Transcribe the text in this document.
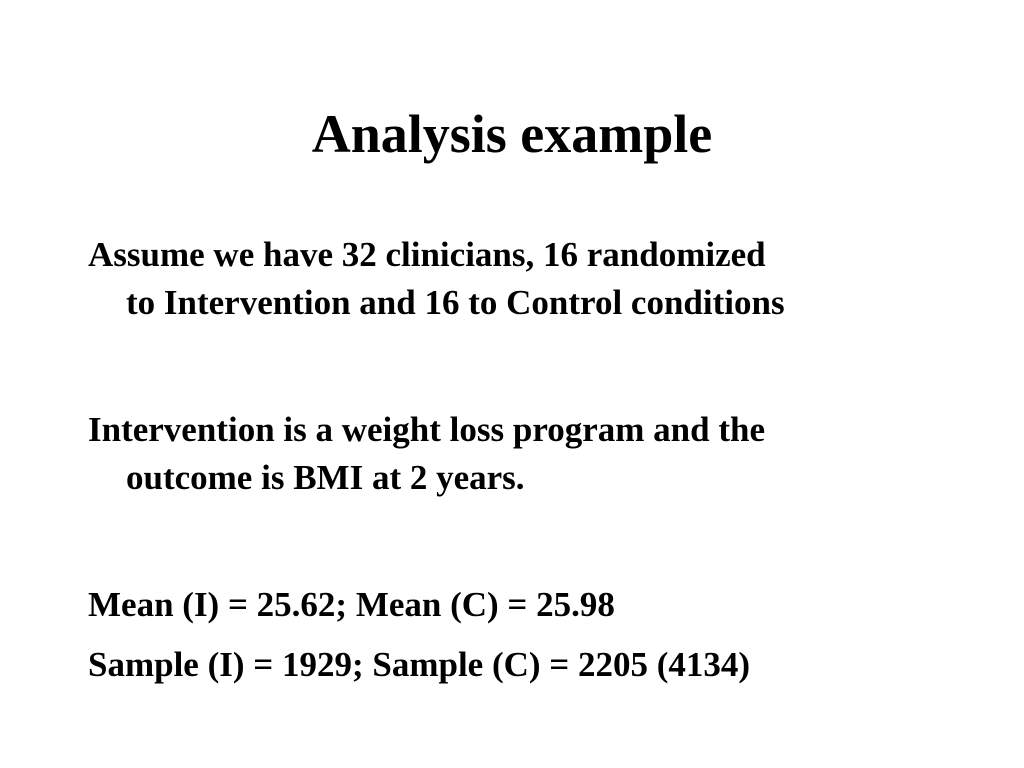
Analysis example

Assume we have 32 clinicians, 16 randomized
to Intervention and 16 to Control conditions

Intervention is a weight loss program and the
outcome is BMI at 2 years.

Mean (I) = 25.62; Mean (C) = 25.98

Sample (I) = 1929; Sample (C) = 2205 (4134)
